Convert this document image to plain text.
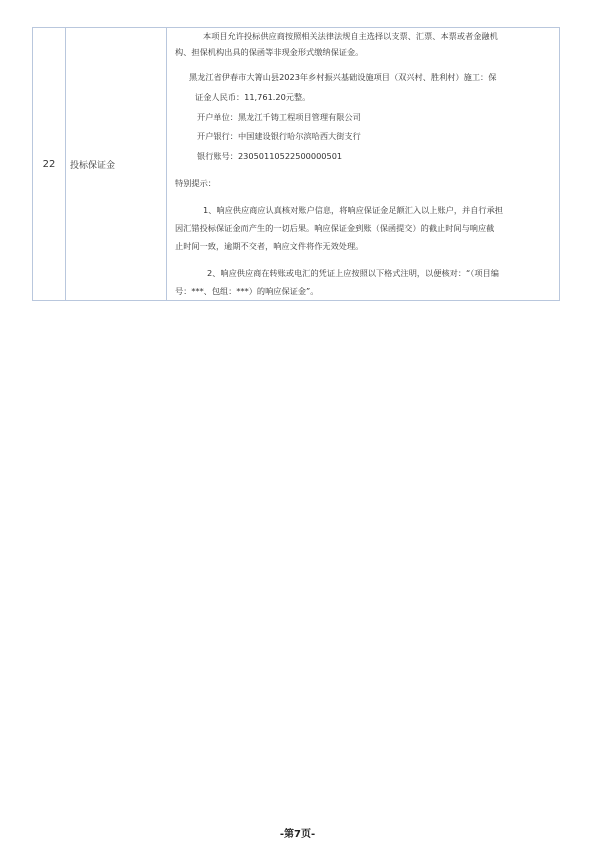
22	投标保证金
本项目允许投标供应商按照相关法律法规自主选择以支票、汇票、本票或者金融机
构、担保机构出具的保函等非现金形式缴纳保证金。
黑龙江省伊春市大箐山县2023年乡村振兴基础设施项目（双兴村、胜利村）施工：保
证金人民币：11,761.20元整。
开户单位：黑龙江千铸工程项目管理有限公司
开户银行：中国建设银行哈尔滨哈西大街支行
银行账号：23050110522500000501
特别提示：
1、响应供应商应认真核对账户信息，将响应保证金足额汇入以上账户，并自行承担
因汇错投标保证金而产生的一切后果。响应保证金到账（保函提交）的截止时间与响应截
止时间一致，逾期不交者，响应文件将作无效处理。
2、响应供应商在转账或电汇的凭证上应按照以下格式注明，以便核对：“（项目编
号：***、包组：***）的响应保证金”。
-第7页-
